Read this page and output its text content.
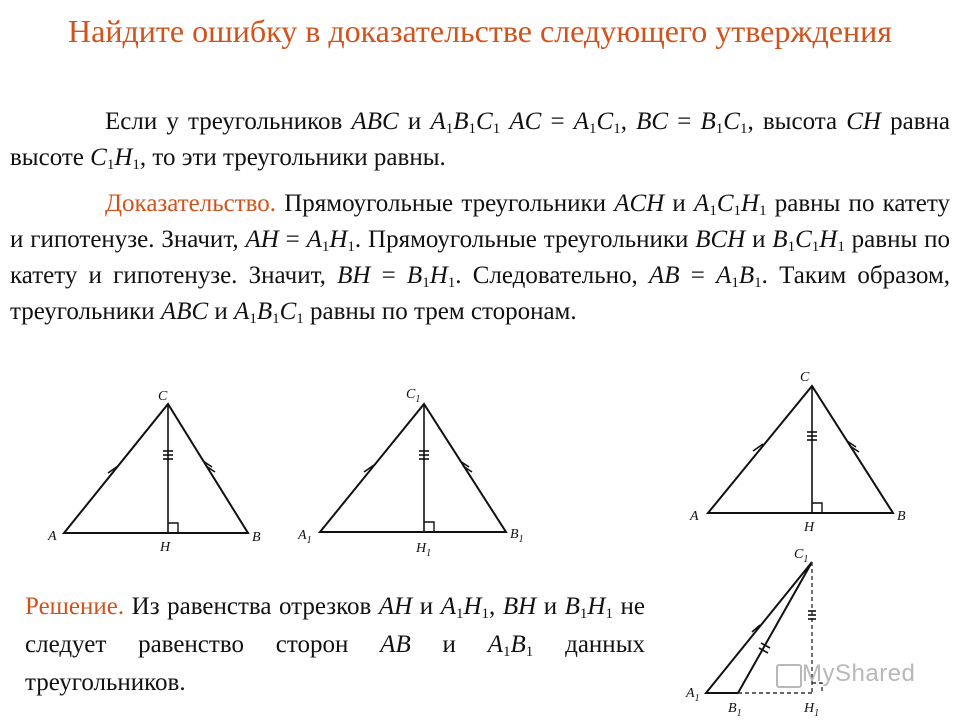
Найдите ошибку в доказательстве следующего утверждения
Если у треугольников ABC и $A_1B_1C_1$ AC = $A_1C_1$, BC = $B_1C_1$, высота CH равна высоте $C_1H_1$, то эти треугольники равны.
Доказательство. Прямоугольные треугольники ACH и $A_1C_1H_1$ равны по катету и гипотенузе. Значит, AH = $A_1H_1$. Прямоугольные треугольники BCH и $B_1C_1H_1$ равны по катету и гипотенузе. Значит, BH = $B_1H_1$. Следовательно, AB = $A_1B_1$. Таким образом, треугольники ABC и $A_1B_1C_1$ равны по трем сторонам.
Решение. Из равенства отрезков AH и $A_1H_1$, BH и $B_1H_1$ не следует равенство сторон AB и $A_1B_1$ данных треугольников.
A	B
C
H
$A_1$	$B_1$
$C_1$
$H_1$
A	B
C
H
$A_1$
$B_1$
$C_1$
$H_1$
MyShared
